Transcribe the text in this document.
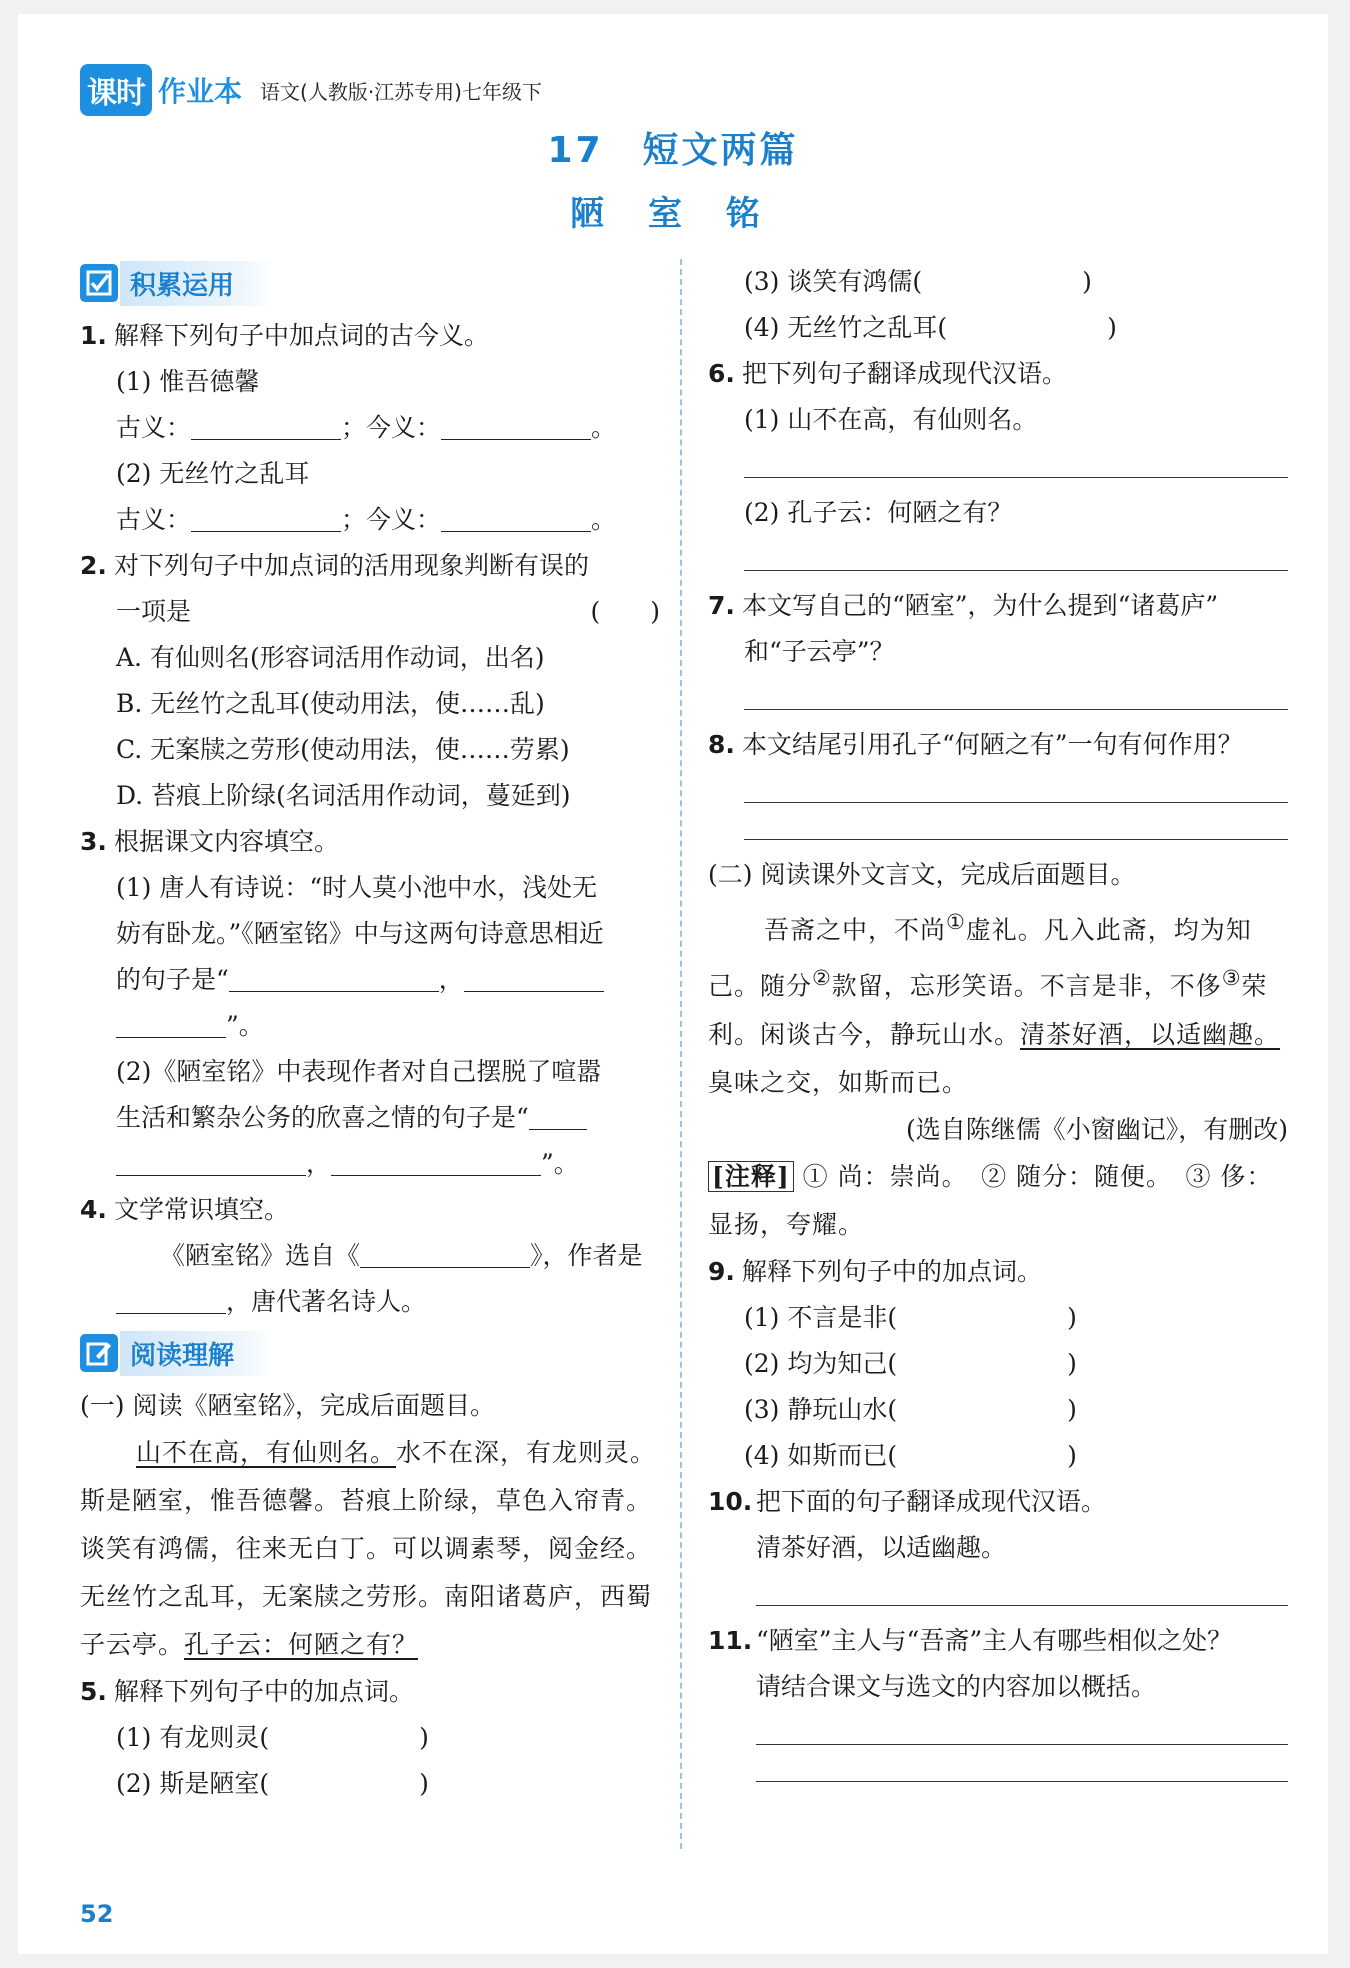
课时 作业本 语文(人教版·江苏专用)七年级下
17　短文两篇
陋 室 铭
积累运用
1. 解释下列句子中加点词的古今义。
(1) 惟吾德馨
古义：	；今义：	。
(2) 无丝竹之乱耳
古义：	；今义：	。
2. 对下列句子中加点词的活用现象判断有误的
一项是	(　　)
A. 有仙则名(形容词活用作动词，出名)
B. 无丝竹之乱耳(使动用法，使……乱)
C. 无案牍之劳形(使动用法，使……劳累)
D. 苔痕上阶绿(名词活用作动词，蔓延到)
3. 根据课文内容填空。
(1) 唐人有诗说：“时人莫小池中水，浅处无
妨有卧龙。”《陋室铭》中与这两句诗意思相近
的句子是“	，
”。
(2)《陋室铭》中表现作者对自己摆脱了喧嚣
生活和繁杂公务的欣喜之情的句子是“
，	”。
4. 文学常识填空。
《陋室铭》选自《	》，作者是
，唐代著名诗人。
阅读理解
(一) 阅读《陋室铭》，完成后面题目。
山不在高，有仙则名。水不在深，有龙则灵。斯是陋室，惟吾德馨。苔痕上阶绿，草色入帘青。谈笑有鸿儒，往来无白丁。可以调素琴，阅金经。无丝竹之乱耳，无案牍之劳形。南阳诸葛庐，西蜀子云亭。孔子云：何陋之有？
5. 解释下列句子中的加点词。
(1) 有龙则灵(	)
(2) 斯是陋室(	)
(3) 谈笑有鸿儒(	)
(4) 无丝竹之乱耳(	)
6. 把下列句子翻译成现代汉语。
(1) 山不在高，有仙则名。
(2) 孔子云：何陋之有？
7. 本文写自己的“陋室”，为什么提到“诸葛庐”
和“子云亭”？
8. 本文结尾引用孔子“何陋之有”一句有何作用？
(二) 阅读课外文言文，完成后面题目。
吾斋之中，不尚①虚礼。凡入此斋，均为知己。随分②款留，忘形笑语。不言是非，不侈③荣利。闲谈古今，静玩山水。清茶好酒，以适幽趣。臭味之交，如斯而已。
(选自陈继儒《小窗幽记》，有删改)
[注释] ① 尚：崇尚。　② 随分：随便。　③ 侈：显扬，夸耀。
9. 解释下列句子中的加点词。
(1) 不言是非(	)
(2) 均为知己(	)
(3) 静玩山水(	)
(4) 如斯而已(	)
10. 把下面的句子翻译成现代汉语。
清茶好酒，以适幽趣。
11. “陋室”主人与“吾斋”主人有哪些相似之处？
请结合课文与选文的内容加以概括。
52
